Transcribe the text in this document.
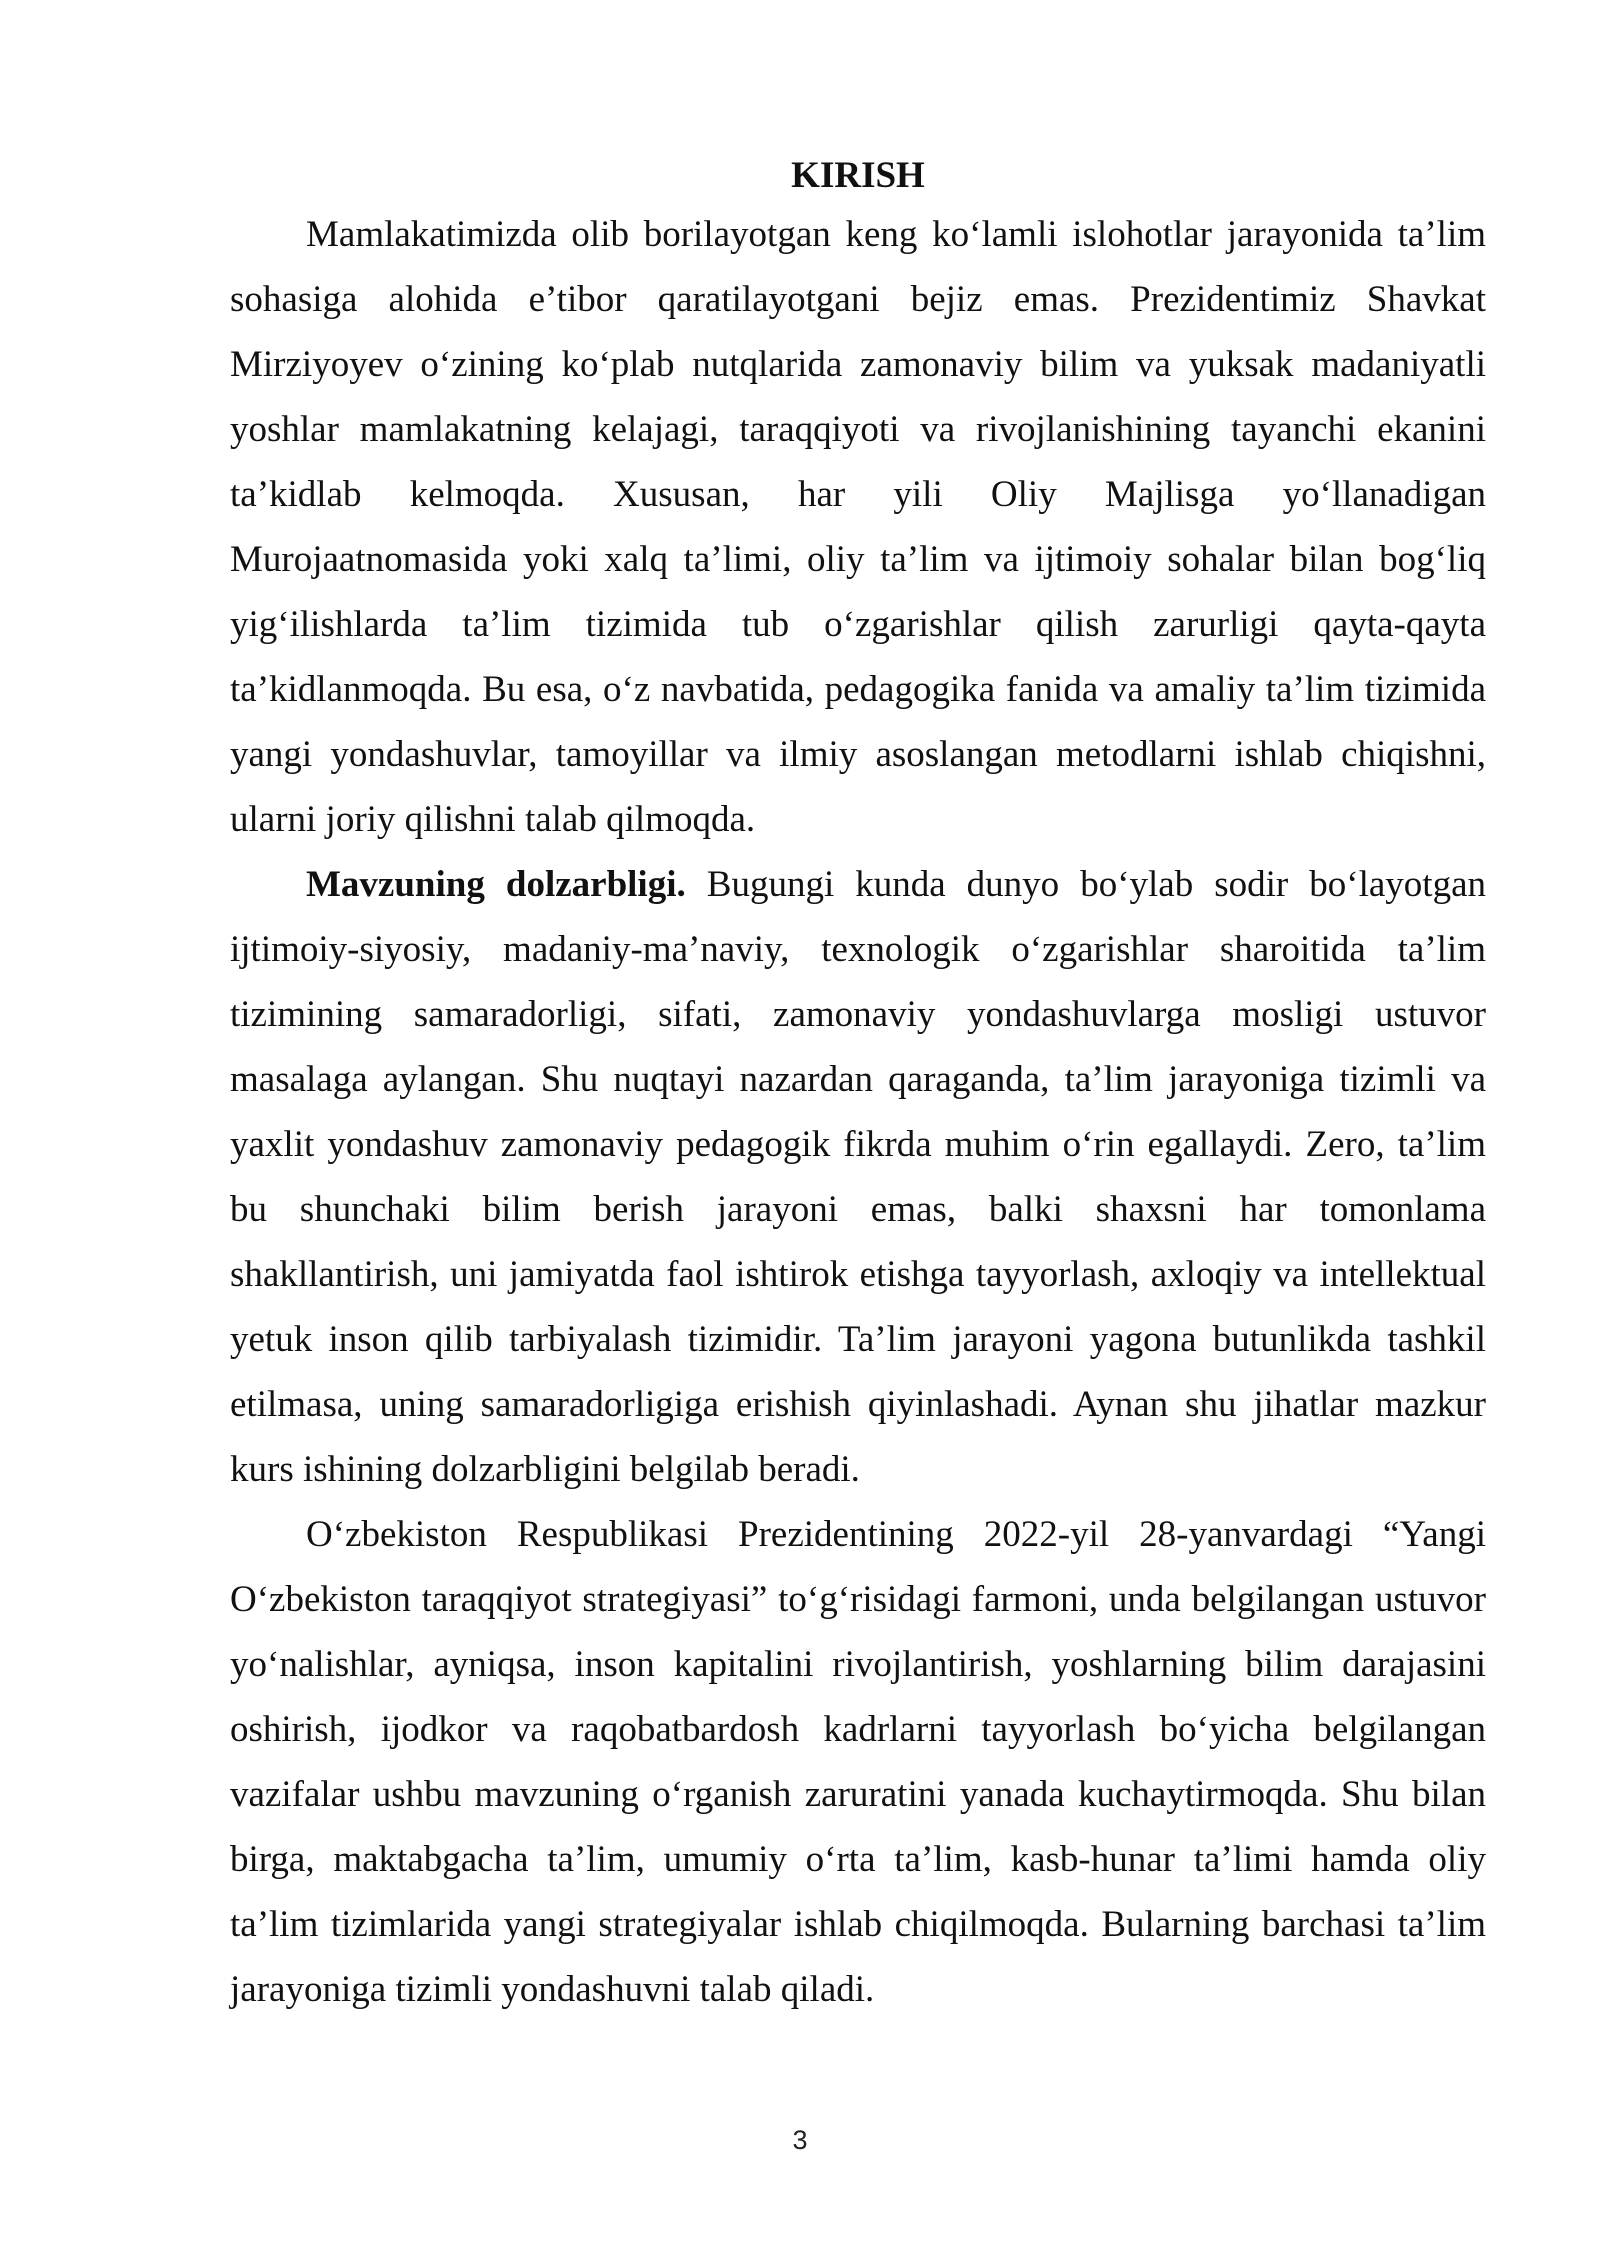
KIRISH

Mamlakatimizda olib borilayotgan keng ko‘lamli islohotlar jarayonida ta’lim sohasiga alohida e’tibor qaratilayotgani bejiz emas. Prezidentimiz Shavkat Mirziyoyev o‘zining ko‘plab nutqlarida zamonaviy bilim va yuksak madaniyatli yoshlar mamlakatning kelajagi, taraqqiyoti va rivojlanishining tayanchi ekanini ta’kidlab kelmoqda. Xususan, har yili Oliy Majlisga yo‘llanadigan Murojaatnomasida yoki xalq ta’limi, oliy ta’lim va ijtimoiy sohalar bilan bog‘liq yig‘ilishlarda ta’lim tizimida tub o‘zgarishlar qilish zarurligi qayta-qayta ta’kidlanmoqda. Bu esa, o‘z navbatida, pedagogika fanida va amaliy ta’lim tizimida yangi yondashuvlar, tamoyillar va ilmiy asoslangan metodlarni ishlab chiqishni, ularni joriy qilishni talab qilmoqda.

Mavzuning dolzarbligi. Bugungi kunda dunyo bo‘ylab sodir bo‘layotgan ijtimoiy-siyosiy, madaniy-ma’naviy, texnologik o‘zgarishlar sharoitida ta’lim tizimining samaradorligi, sifati, zamonaviy yondashuvlarga mosligi ustuvor masalaga aylangan. Shu nuqtayi nazardan qaraganda, ta’lim jarayoniga tizimli va yaxlit yondashuv zamonaviy pedagogik fikrda muhim o‘rin egallaydi. Zero, ta’lim bu shunchaki bilim berish jarayoni emas, balki shaxsni har tomonlama shakllantirish, uni jamiyatda faol ishtirok etishga tayyorlash, axloqiy va intellektual yetuk inson qilib tarbiyalash tizimidir. Ta’lim jarayoni yagona butunlikda tashkil etilmasa, uning samaradorligiga erishish qiyinlashadi. Aynan shu jihatlar mazkur kurs ishining dolzarbligini belgilab beradi.

O‘zbekiston Respublikasi Prezidentining 2022-yil 28-yanvardagi “Yangi O‘zbekiston taraqqiyot strategiyasi” to‘g‘risidagi farmoni, unda belgilangan ustuvor yo‘nalishlar, ayniqsa, inson kapitalini rivojlantirish, yoshlarning bilim darajasini oshirish, ijodkor va raqobatbardosh kadrlarni tayyorlash bo‘yicha belgilangan vazifalar ushbu mavzuning o‘rganish zaruratini yanada kuchaytirmoqda. Shu bilan birga, maktabgacha ta’lim, umumiy o‘rta ta’lim, kasb-hunar ta’limi hamda oliy ta’lim tizimlarida yangi strategiyalar ishlab chiqilmoqda. Bularning barchasi ta’lim jarayoniga tizimli yondashuvni talab qiladi.

3
